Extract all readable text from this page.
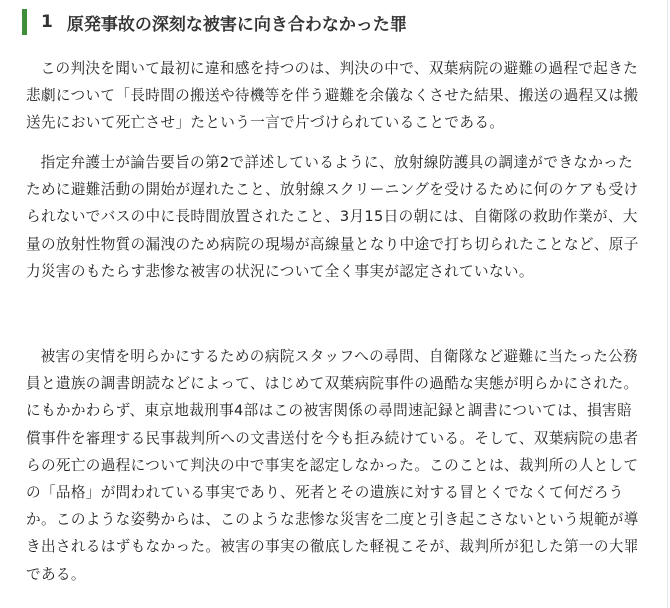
1 原発事故の深刻な被害に向き合わなかった罪

この判決を聞いて最初に違和感を持つのは、判決の中で、双葉病院の避難の過程で起きた悲劇について「長時間の搬送や待機等を伴う避難を余儀なくさせた結果、搬送の過程又は搬送先において死亡させ」たという一言で片づけられていることである。

指定弁護士が論告要旨の第2で詳述しているように、放射線防護具の調達ができなかったために避難活動の開始が遅れたこと、放射線スクリーニングを受けるために何のケアも受けられないでバスの中に長時間放置されたこと、3月15日の朝には、自衛隊の救助作業が、大量の放射性物質の漏洩のため病院の現場が高線量となり中途で打ち切られたことなど、原子力災害のもたらす悲惨な被害の状況について全く事実が認定されていない。

被害の実情を明らかにするための病院スタッフへの尋問、自衛隊など避難に当たった公務員と遺族の調書朗読などによって、はじめて双葉病院事件の過酷な実態が明らかにされた。にもかかわらず、東京地裁刑事4部はこの被害関係の尋問速記録と調書については、損害賠償事件を審理する民事裁判所への文書送付を今も拒み続けている。そして、双葉病院の患者らの死亡の過程について判決の中で事実を認定しなかった。このことは、裁判所の人としての「品格」が問われている事実であり、死者とその遺族に対する冒とくでなくて何だろうか。このような姿勢からは、このような悲惨な災害を二度と引き起こさないという規範が導き出されるはずもなかった。被害の事実の徹底した軽視こそが、裁判所が犯した第一の大罪である。
